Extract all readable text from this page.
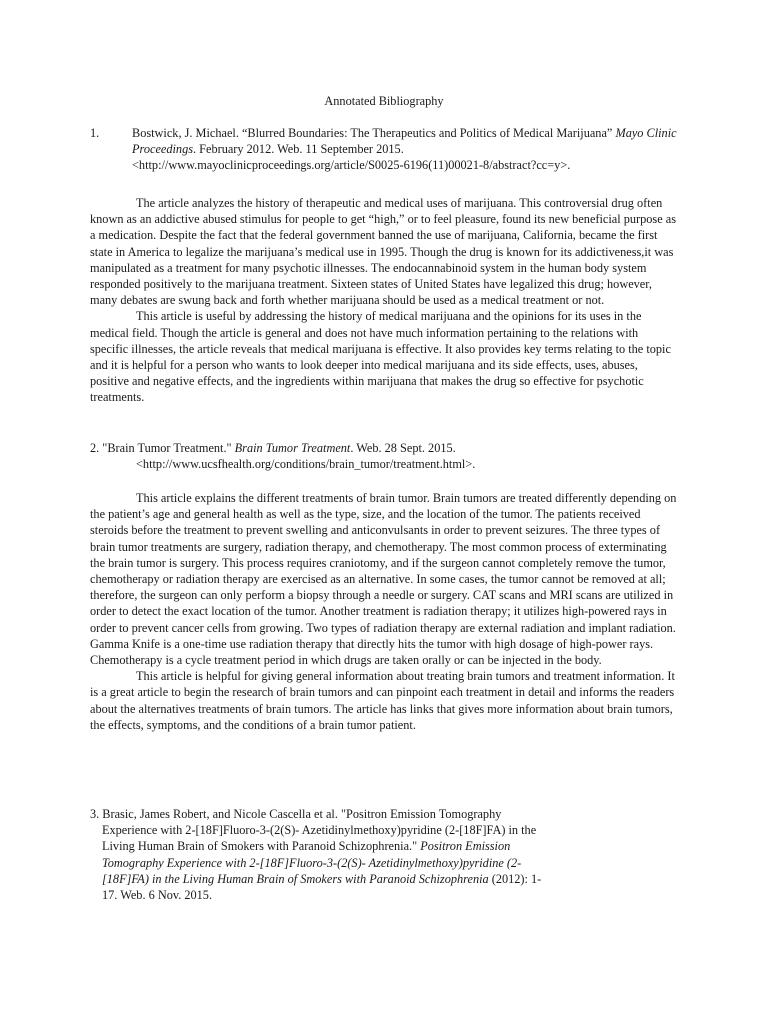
Annotated Bibliography

1.	Bostwick, J. Michael. “Blurred Boundaries: The Therapeutics and Politics of Medical Marijuana” Mayo Clinic Proceedings. February 2012. Web. 11 September 2015. <http://www.mayoclinicproceedings.org/article/S0025-6196(11)00021-8/abstract?cc=y>.

The article analyzes the history of therapeutic and medical uses of marijuana. This controversial drug often known as an addictive abused stimulus for people to get “high,” or to feel pleasure, found its new beneficial purpose as a medication. Despite the fact that the federal government banned the use of marijuana, California, became the first state in America to legalize the marijuana’s medical use in 1995. Though the drug is known for its addictiveness,it was manipulated as a treatment for many psychotic illnesses. The endocannabinoid system in the human body system responded positively to the marijuana treatment. Sixteen states of United States have legalized this drug; however, many debates are swung back and forth whether marijuana should be used as a medical treatment or not.

This article is useful by addressing the history of medical marijuana and the opinions for its uses in the medical field. Though the article is general and does not have much information pertaining to the relations with specific illnesses, the article reveals that medical marijuana is effective. It also provides key terms relating to the topic and it is helpful for a person who wants to look deeper into medical marijuana and its side effects, uses, abuses, positive and negative effects, and the ingredients within marijuana that makes the drug so effective for psychotic treatments.

2. "Brain Tumor Treatment." Brain Tumor Treatment. Web. 28 Sept. 2015.
<http://www.ucsfhealth.org/conditions/brain_tumor/treatment.html>.

This article explains the different treatments of brain tumor. Brain tumors are treated differently depending on the patient’s age and general health as well as the type, size, and the location of the tumor. The patients received steroids before the treatment to prevent swelling and anticonvulsants in order to prevent seizures. The three types of brain tumor treatments are surgery, radiation therapy, and chemotherapy. The most common process of exterminating the brain tumor is surgery. This process requires craniotomy, and if the surgeon cannot completely remove the tumor, chemotherapy or radiation therapy are exercised as an alternative. In some cases, the tumor cannot be removed at all; therefore, the surgeon can only perform a biopsy through a needle or surgery. CAT scans and MRI scans are utilized in order to detect the exact location of the tumor. Another treatment is radiation therapy; it utilizes high-powered rays in order to prevent cancer cells from growing. Two types of radiation therapy are external radiation and implant radiation. Gamma Knife is a one-time use radiation therapy that directly hits the tumor with high dosage of high-power rays. Chemotherapy is a cycle treatment period in which drugs are taken orally or can be injected in the body.

This article is helpful for giving general information about treating brain tumors and treatment information. It is a great article to begin the research of brain tumors and can pinpoint each treatment in detail and informs the readers about the alternatives treatments of brain tumors. The article has links that gives more information about brain tumors, the effects, symptoms, and the conditions of a brain tumor patient.

3. Brasic, James Robert, and Nicole Cascella et al. "Positron Emission Tomography Experience with 2-[18F]Fluoro-3-(2(S)- Azetidinylmethoxy)pyridine (2-[18F]FA) in the Living Human Brain of Smokers with Paranoid Schizophrenia." Positron Emission Tomography Experience with 2-[18F]Fluoro-3-(2(S)- Azetidinylmethoxy)pyridine (2-[18F]FA) in the Living Human Brain of Smokers with Paranoid Schizophrenia (2012): 1-17. Web. 6 Nov. 2015.
